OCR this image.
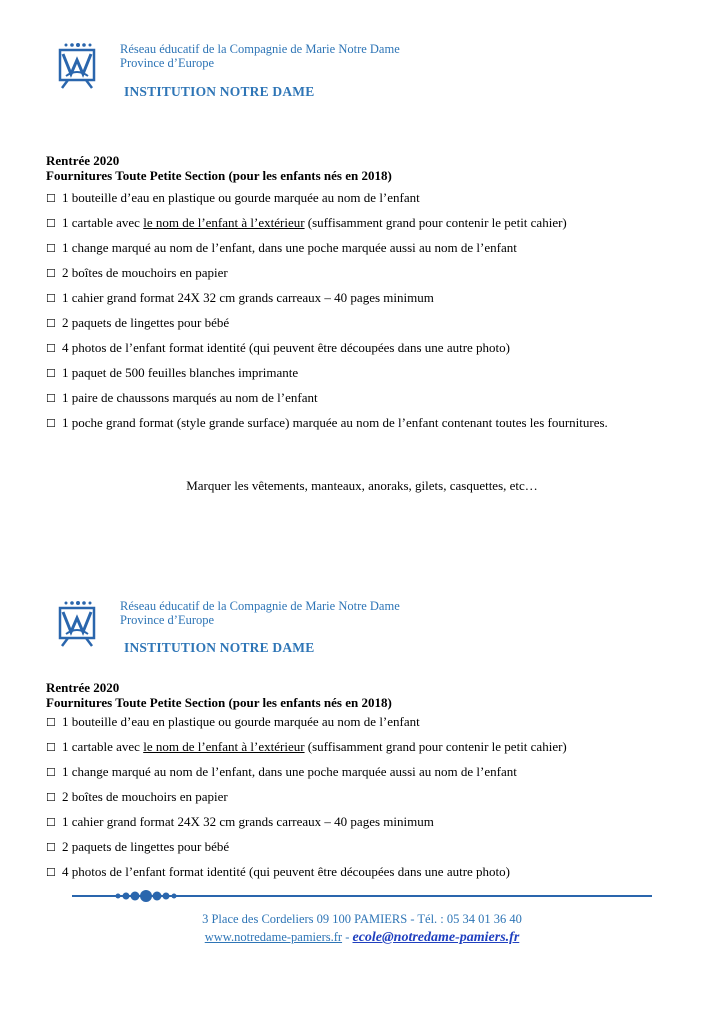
Réseau éducatif de la Compagnie de Marie Notre Dame
Province d’Europe
INSTITUTION NOTRE DAME
Rentrée 2020
Fournitures Toute Petite Section (pour les enfants nés en 2018)
☐ 1 bouteille d’eau en plastique ou gourde marquée au nom de l’enfant
☐ 1 cartable avec le nom de l’enfant à l’extérieur (suffisamment grand pour contenir le petit cahier)
☐ 1 change marqué au nom de l’enfant, dans une poche marquée aussi au nom de l’enfant
☐ 2 boîtes de mouchoirs en papier
☐ 1 cahier grand format 24X 32 cm grands carreaux – 40 pages minimum
☐ 2 paquets de lingettes pour bébé
☐ 4 photos de l’enfant format identité (qui peuvent être découpées dans une autre photo)
☐ 1 paquet de 500 feuilles blanches imprimante
☐ 1 paire de chaussons marqués au nom de l’enfant
☐ 1 poche grand format (style grande surface) marquée au nom de l’enfant contenant toutes les fournitures.
Marquer les vêtements, manteaux, anoraks, gilets, casquettes, etc…
Réseau éducatif de la Compagnie de Marie Notre Dame
Province d’Europe
INSTITUTION NOTRE DAME
Rentrée 2020
Fournitures Toute Petite Section (pour les enfants nés en 2018)
☐ 1 bouteille d’eau en plastique ou gourde marquée au nom de l’enfant
☐ 1 cartable avec le nom de l’enfant à l’extérieur (suffisamment grand pour contenir le petit cahier)
☐ 1 change marqué au nom de l’enfant, dans une poche marquée aussi au nom de l’enfant
☐ 2 boîtes de mouchoirs en papier
☐ 1 cahier grand format 24X 32 cm grands carreaux – 40 pages minimum
☐ 2 paquets de lingettes pour bébé
☐ 4 photos de l’enfant format identité (qui peuvent être découpées dans une autre photo)
3 Place des Cordeliers 09 100 PAMIERS - Tél. : 05 34 01 36 40
www.notredame-pamiers.fr - ecole@notredame-pamiers.fr
